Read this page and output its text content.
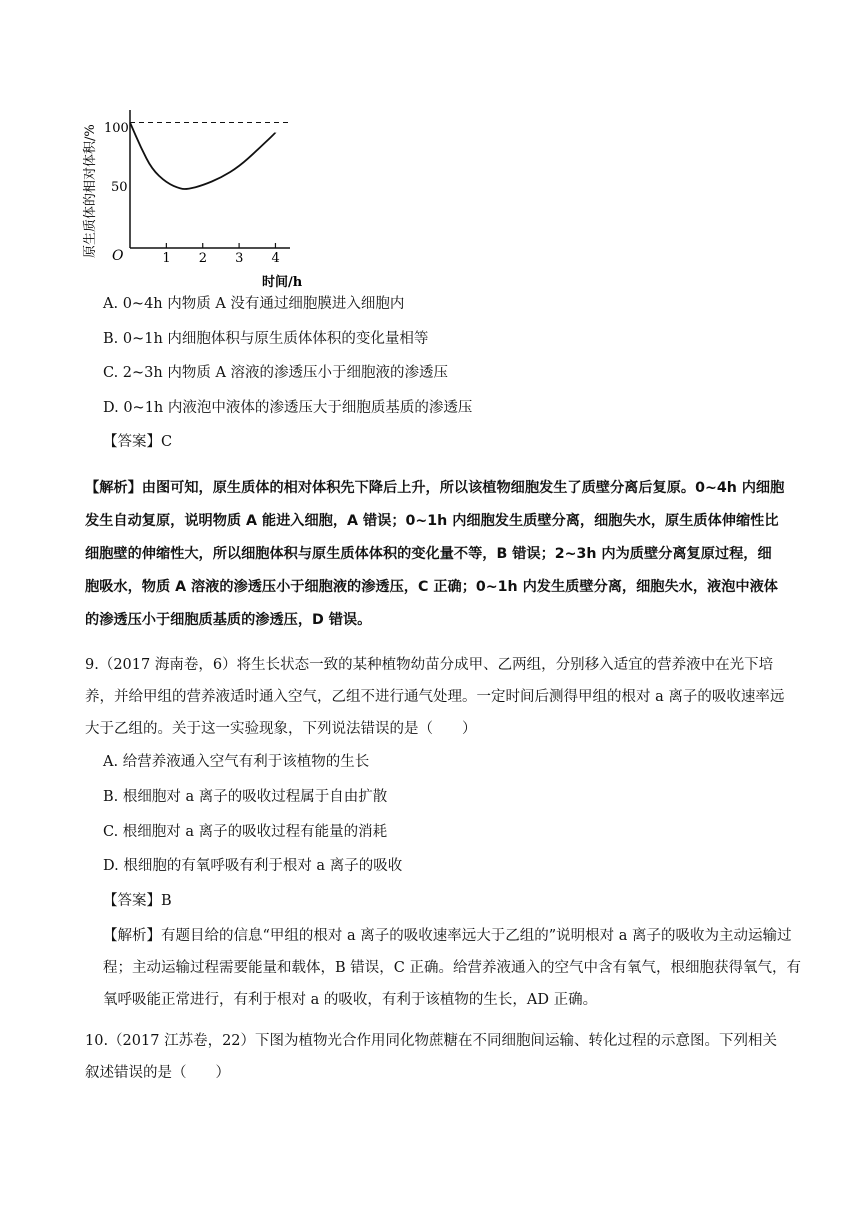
原生质体的相对体积/% 100
50
O	1 2 3 4
时间/h
A. 0~4h 内物质 A 没有通过细胞膜进入细胞内
B. 0~1h 内细胞体积与原生质体体积的变化量相等
C. 2~3h 内物质 A 溶液的渗透压小于细胞液的渗透压
D. 0~1h 内液泡中液体的渗透压大于细胞质基质的渗透压
【答案】C
【解析】由图可知，原生质体的相对体积先下降后上升，所以该植物细胞发生了质壁分离后复原。0~4h 内细胞发生自动复原，说明物质 A 能进入细胞，A 错误；0~1h 内细胞发生质壁分离，细胞失水，原生质体伸缩性比细胞壁的伸缩性大，所以细胞体积与原生质体体积的变化量不等，B 错误；2~3h 内为质壁分离复原过程，细胞吸水，物质 A 溶液的渗透压小于细胞液的渗透压，C 正确；0~1h 内发生质壁分离，细胞失水，液泡中液体的渗透压小于细胞质基质的渗透压，D 错误。
9.（2017 海南卷，6）将生长状态一致的某种植物幼苗分成甲、乙两组，分别移入适宜的营养液中在光下培养，并给甲组的营养液适时通入空气，乙组不进行通气处理。一定时间后测得甲组的根对 a 离子的吸收速率远大于乙组的。关于这一实验现象，下列说法错误的是（　　）
A. 给营养液通入空气有利于该植物的生长
B. 根细胞对 a 离子的吸收过程属于自由扩散
C. 根细胞对 a 离子的吸收过程有能量的消耗
D. 根细胞的有氧呼吸有利于根对 a 离子的吸收
【答案】B
【解析】有题目给的信息“甲组的根对 a 离子的吸收速率远大于乙组的”说明根对 a 离子的吸收为主动运输过程；主动运输过程需要能量和载体，B 错误，C 正确。给营养液通入的空气中含有氧气，根细胞获得氧气，有氧呼吸能正常进行，有利于根对 a 的吸收，有利于该植物的生长，AD 正确。
10.（2017 江苏卷，22）下图为植物光合作用同化物蔗糖在不同细胞间运输、转化过程的示意图。下列相关叙述错误的是（　　）
